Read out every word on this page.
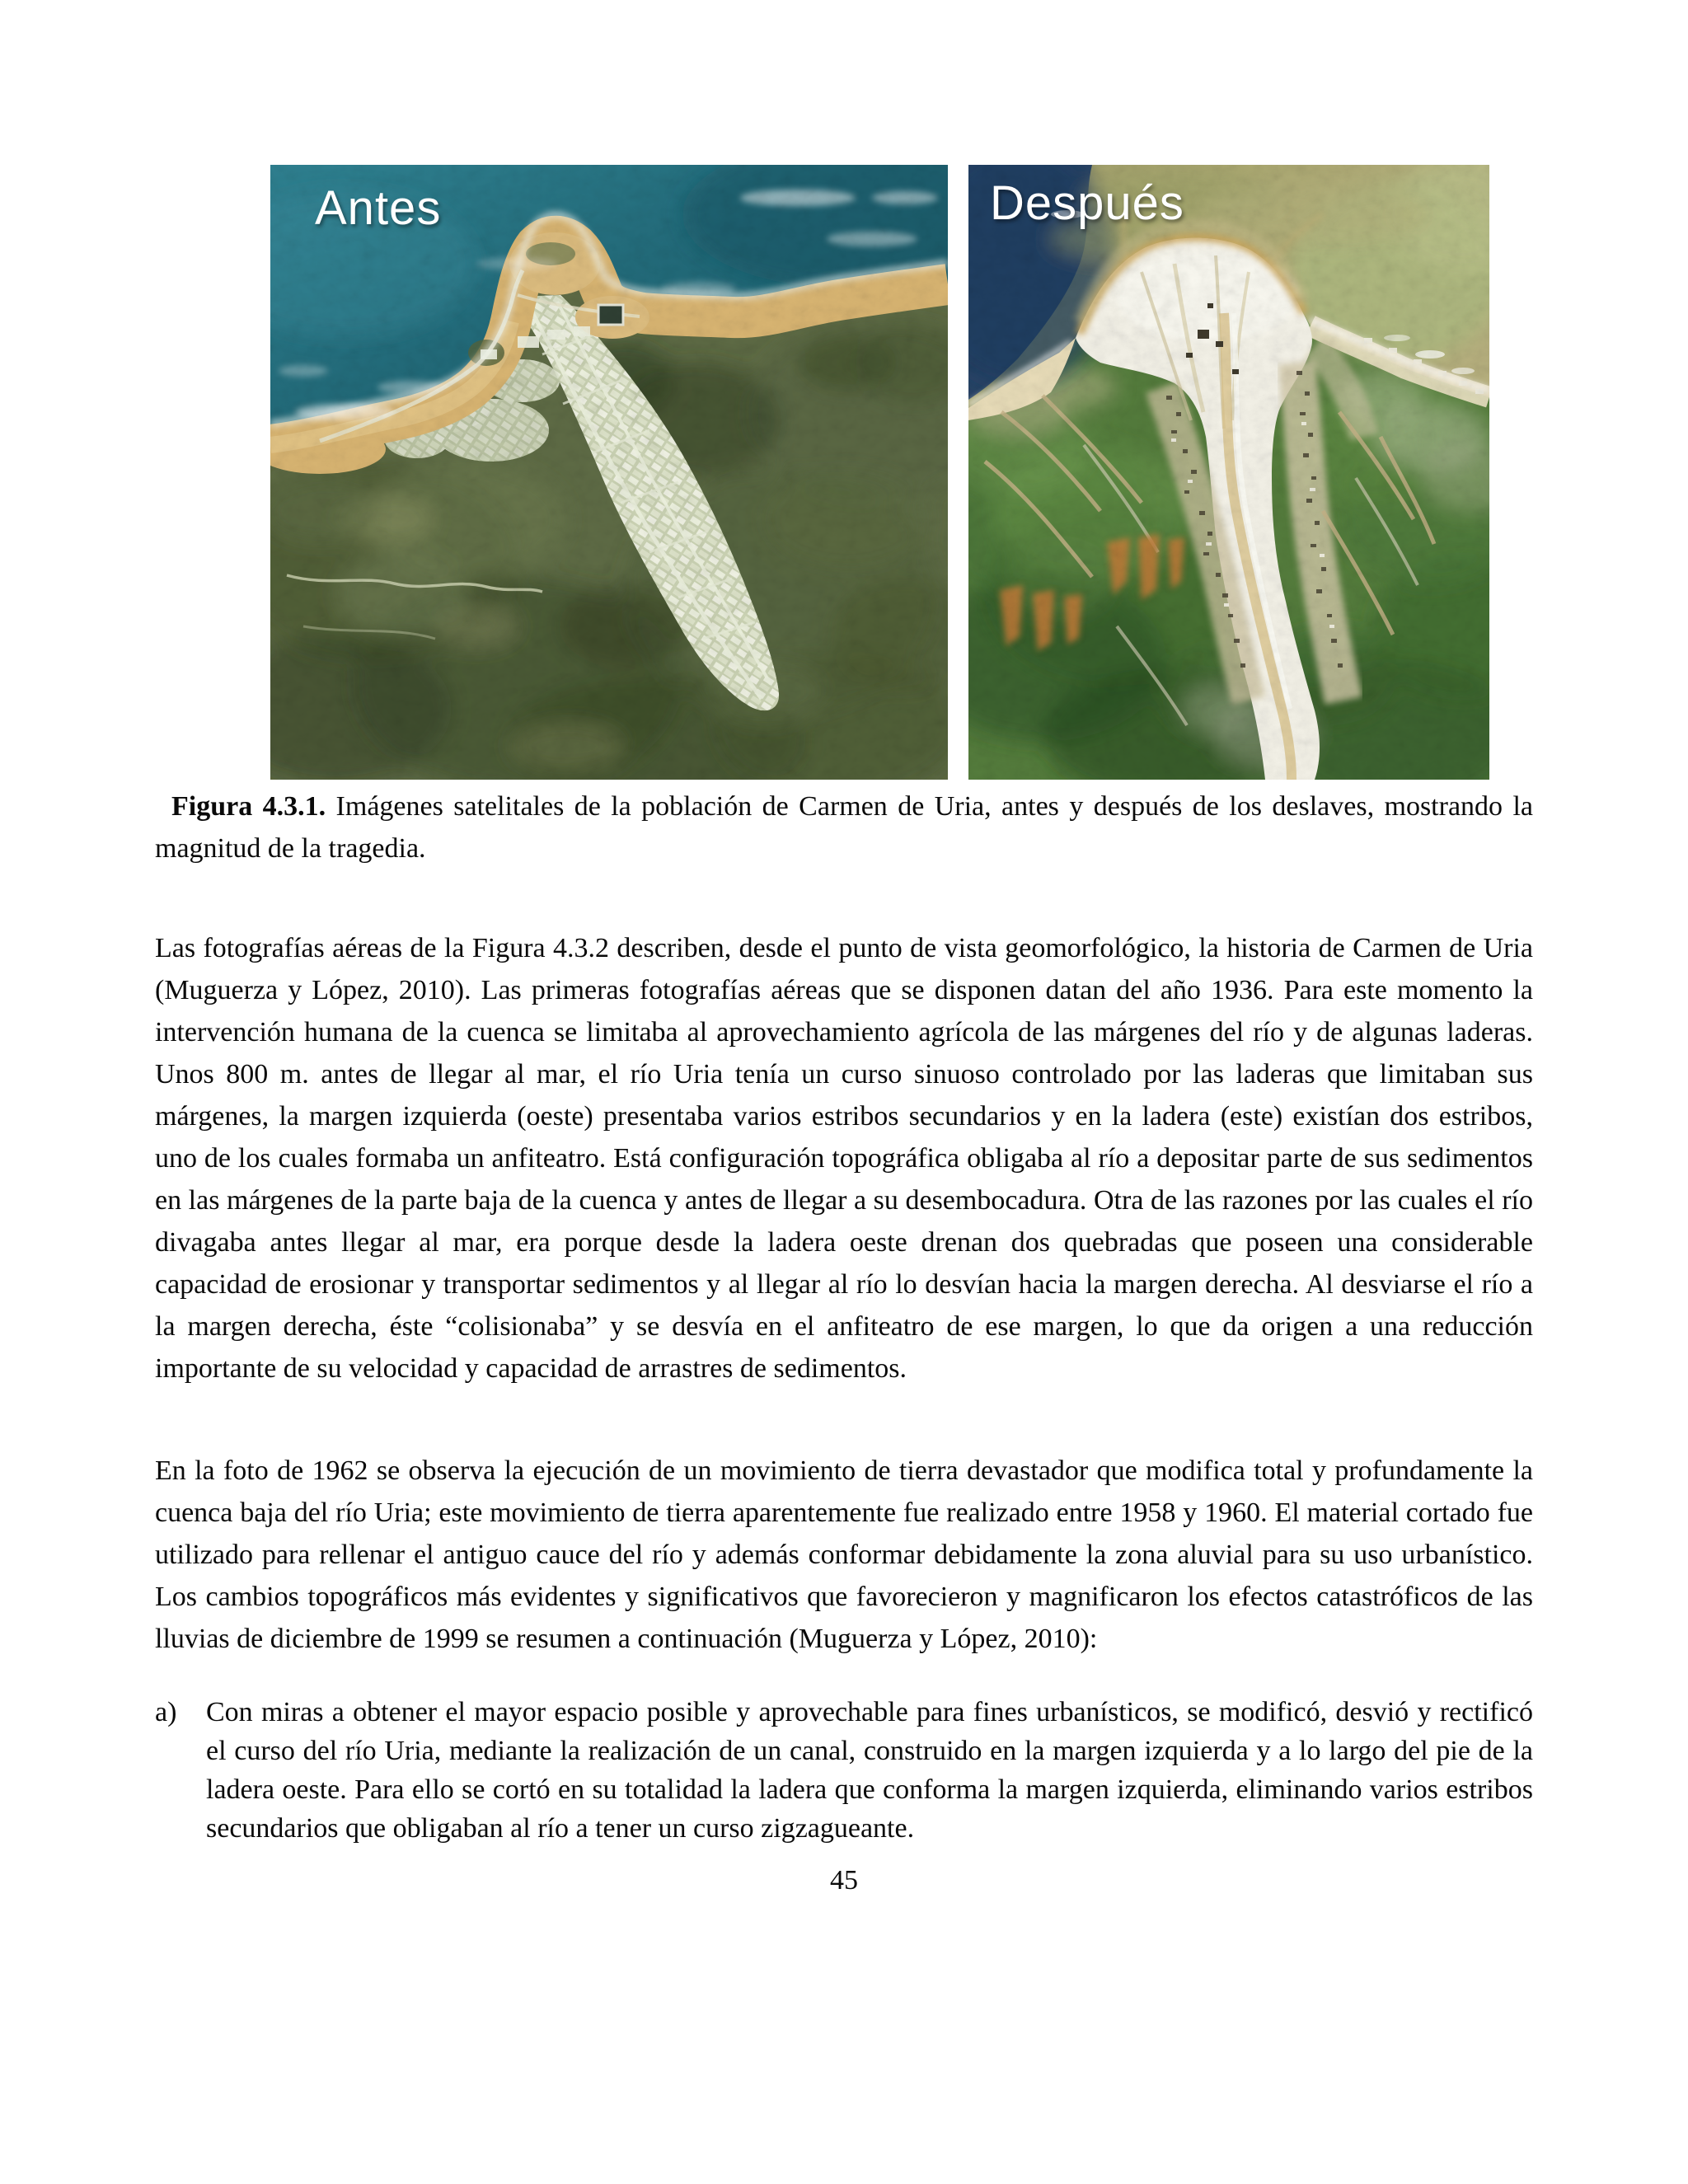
Antes	Después

Figura 4.3.1. Imágenes satelitales de la población de Carmen de Uria, antes y después de los deslaves, mostrando la magnitud de la tragedia.

Las fotografías aéreas de la Figura 4.3.2 describen, desde el punto de vista geomorfológico, la historia de Carmen de Uria (Muguerza y López, 2010). Las primeras fotografías aéreas que se disponen datan del año 1936. Para este momento la intervención humana de la cuenca se limitaba al aprovechamiento agrícola de las márgenes del río y de algunas laderas. Unos 800 m. antes de llegar al mar, el río Uria tenía un curso sinuoso controlado por las laderas que limitaban sus márgenes, la margen izquierda (oeste) presentaba varios estribos secundarios y en la ladera (este) existían dos estribos, uno de los cuales formaba un anfiteatro. Está configuración topográfica obligaba al río a depositar parte de sus sedimentos en las márgenes de la parte baja de la cuenca y antes de llegar a su desembocadura. Otra de las razones por las cuales el río divagaba antes llegar al mar, era porque desde la ladera oeste drenan dos quebradas que poseen una considerable capacidad de erosionar y transportar sedimentos y al llegar al río lo desvían hacia la margen derecha. Al desviarse el río a la margen derecha, éste “colisionaba” y se desvía en el anfiteatro de ese margen, lo que da origen a una reducción importante de su velocidad y capacidad de arrastres de sedimentos.

En la foto de 1962 se observa la ejecución de un movimiento de tierra devastador que modifica total y profundamente la cuenca baja del río Uria; este movimiento de tierra aparentemente fue realizado entre 1958 y 1960. El material cortado fue utilizado para rellenar el antiguo cauce del río y además conformar debidamente la zona aluvial para su uso urbanístico. Los cambios topográficos más evidentes y significativos que favorecieron y magnificaron los efectos catastróficos de las lluvias de diciembre de 1999 se resumen a continuación (Muguerza y López, 2010):

a)	Con miras a obtener el mayor espacio posible y aprovechable para fines urbanísticos, se modificó, desvió y rectificó el curso del río Uria, mediante la realización de un canal, construido en la margen izquierda y a lo largo del pie de la ladera oeste. Para ello se cortó en su totalidad la ladera que conforma la margen izquierda, eliminando varios estribos secundarios que obligaban al río a tener un curso zigzagueante.
45
